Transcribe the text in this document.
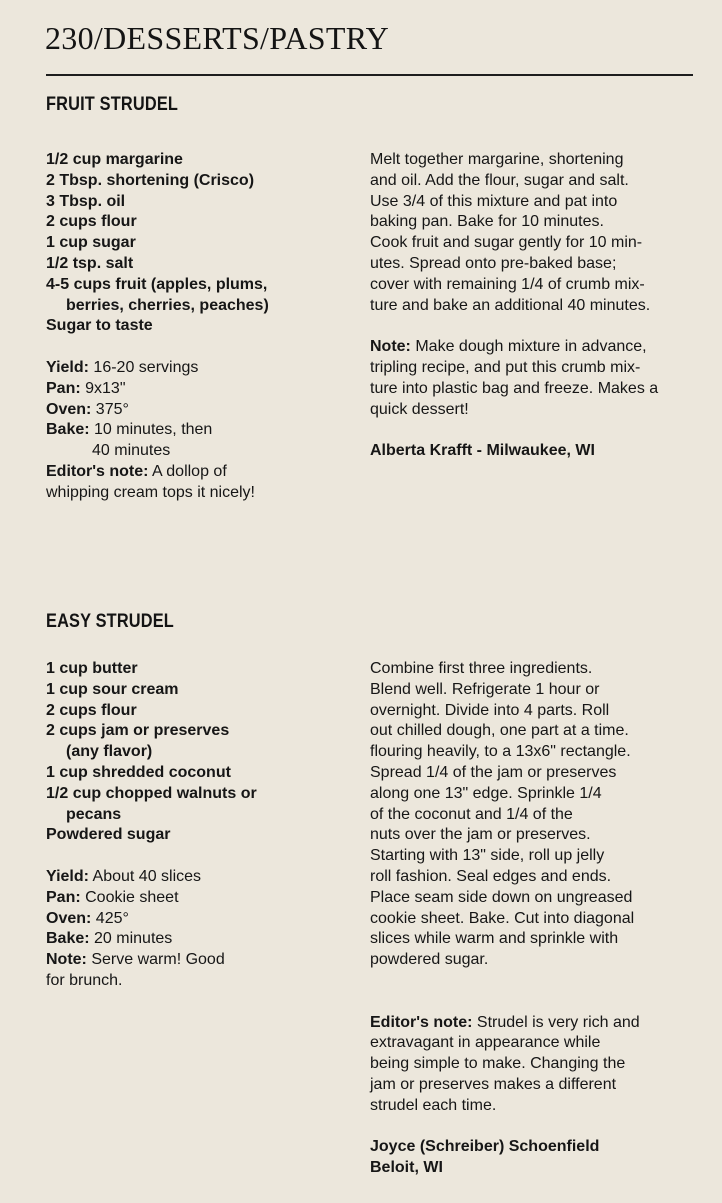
230/DESSERTS/PASTRY
FRUIT STRUDEL

1/2 cup margarine

2 Tbsp. shortening (Crisco)

3 Tbsp. oil

2 cups flour

1 cup sugar

1/2 tsp. salt

4-5 cups fruit (apples, plums,

berries, cherries, peaches)

Sugar to taste

Yield: 16-20 servings

Pan: 9x13"

Oven: 375°

Bake: 10 minutes, then

40 minutes

Editor's note: A dollop of

whipping cream tops it nicely!

Melt together margarine, shortening

and oil. Add the flour, sugar and salt.

Use 3/4 of this mixture and pat into

baking pan. Bake for 10 minutes.

Cook fruit and sugar gently for 10 min-

utes. Spread onto pre-baked base;

cover with remaining 1/4 of crumb mix-

ture and bake an additional 40 minutes.

Note: Make dough mixture in advance,

tripling recipe, and put this crumb mix-

ture into plastic bag and freeze. Makes a

quick dessert!

Alberta Krafft - Milwaukee, WI

EASY STRUDEL

1 cup butter

1 cup sour cream

2 cups flour

2 cups jam or preserves

(any flavor)

1 cup shredded coconut

1/2 cup chopped walnuts or

pecans

Powdered sugar

Yield: About 40 slices

Pan: Cookie sheet

Oven: 425°

Bake: 20 minutes

Note: Serve warm! Good

for brunch.

Combine first three ingredients.

Blend well. Refrigerate 1 hour or

overnight. Divide into 4 parts. Roll

out chilled dough, one part at a time.

flouring heavily, to a 13x6" rectangle.

Spread 1/4 of the jam or preserves

along one 13" edge. Sprinkle 1/4

of the coconut and 1/4 of the

nuts over the jam or preserves.

Starting with 13" side, roll up jelly

roll fashion. Seal edges and ends.

Place seam side down on ungreased

cookie sheet. Bake. Cut into diagonal

slices while warm and sprinkle with

powdered sugar.

Editor's note: Strudel is very rich and

extravagant in appearance while

being simple to make. Changing the

jam or preserves makes a different

strudel each time.

Joyce (Schreiber) Schoenfield

Beloit, WI
